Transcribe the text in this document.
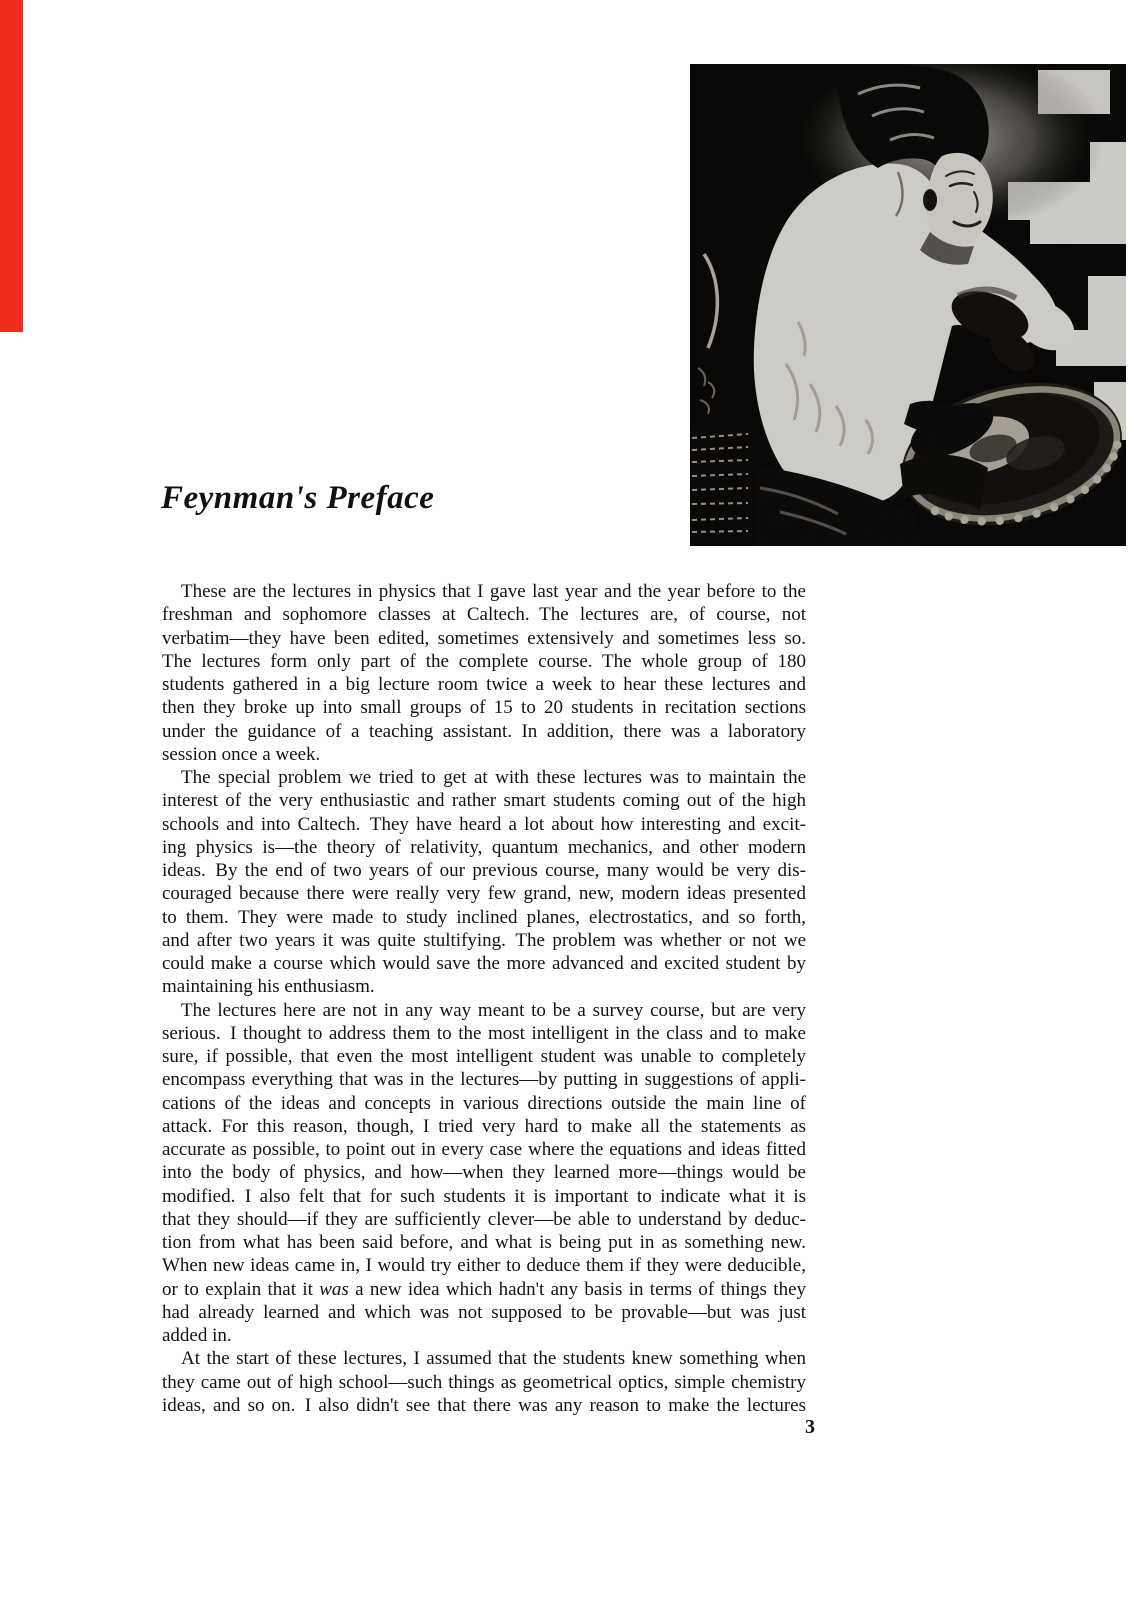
Feynman's Preface
These are the lectures in physics that I gave last year and the year before to the
freshman and sophomore classes at Caltech. The lectures are, of course, not
verbatim—they have been edited, sometimes extensively and sometimes less so.
The lectures form only part of the complete course. The whole group of 180
students gathered in a big lecture room twice a week to hear these lectures and
then they broke up into small groups of 15 to 20 students in recitation sections
under the guidance of a teaching assistant. In addition, there was a laboratory
session once a week.
The special problem we tried to get at with these lectures was to maintain the
interest of the very enthusiastic and rather smart students coming out of the high
schools and into Caltech. They have heard a lot about how interesting and excit-
ing physics is—the theory of relativity, quantum mechanics, and other modern
ideas. By the end of two years of our previous course, many would be very dis-
couraged because there were really very few grand, new, modern ideas presented
to them. They were made to study inclined planes, electrostatics, and so forth,
and after two years it was quite stultifying. The problem was whether or not we
could make a course which would save the more advanced and excited student by
maintaining his enthusiasm.
The lectures here are not in any way meant to be a survey course, but are very
serious. I thought to address them to the most intelligent in the class and to make
sure, if possible, that even the most intelligent student was unable to completely
encompass everything that was in the lectures—by putting in suggestions of appli-
cations of the ideas and concepts in various directions outside the main line of
attack. For this reason, though, I tried very hard to make all the statements as
accurate as possible, to point out in every case where the equations and ideas fitted
into the body of physics, and how—when they learned more—things would be
modified. I also felt that for such students it is important to indicate what it is
that they should—if they are sufficiently clever—be able to understand by deduc-
tion from what has been said before, and what is being put in as something new.
When new ideas came in, I would try either to deduce them if they were deducible,
or to explain that it was a new idea which hadn't any basis in terms of things they
had already learned and which was not supposed to be provable—but was just
added in.
At the start of these lectures, I assumed that the students knew something when
they came out of high school—such things as geometrical optics, simple chemistry
ideas, and so on. I also didn't see that there was any reason to make the lectures
3
